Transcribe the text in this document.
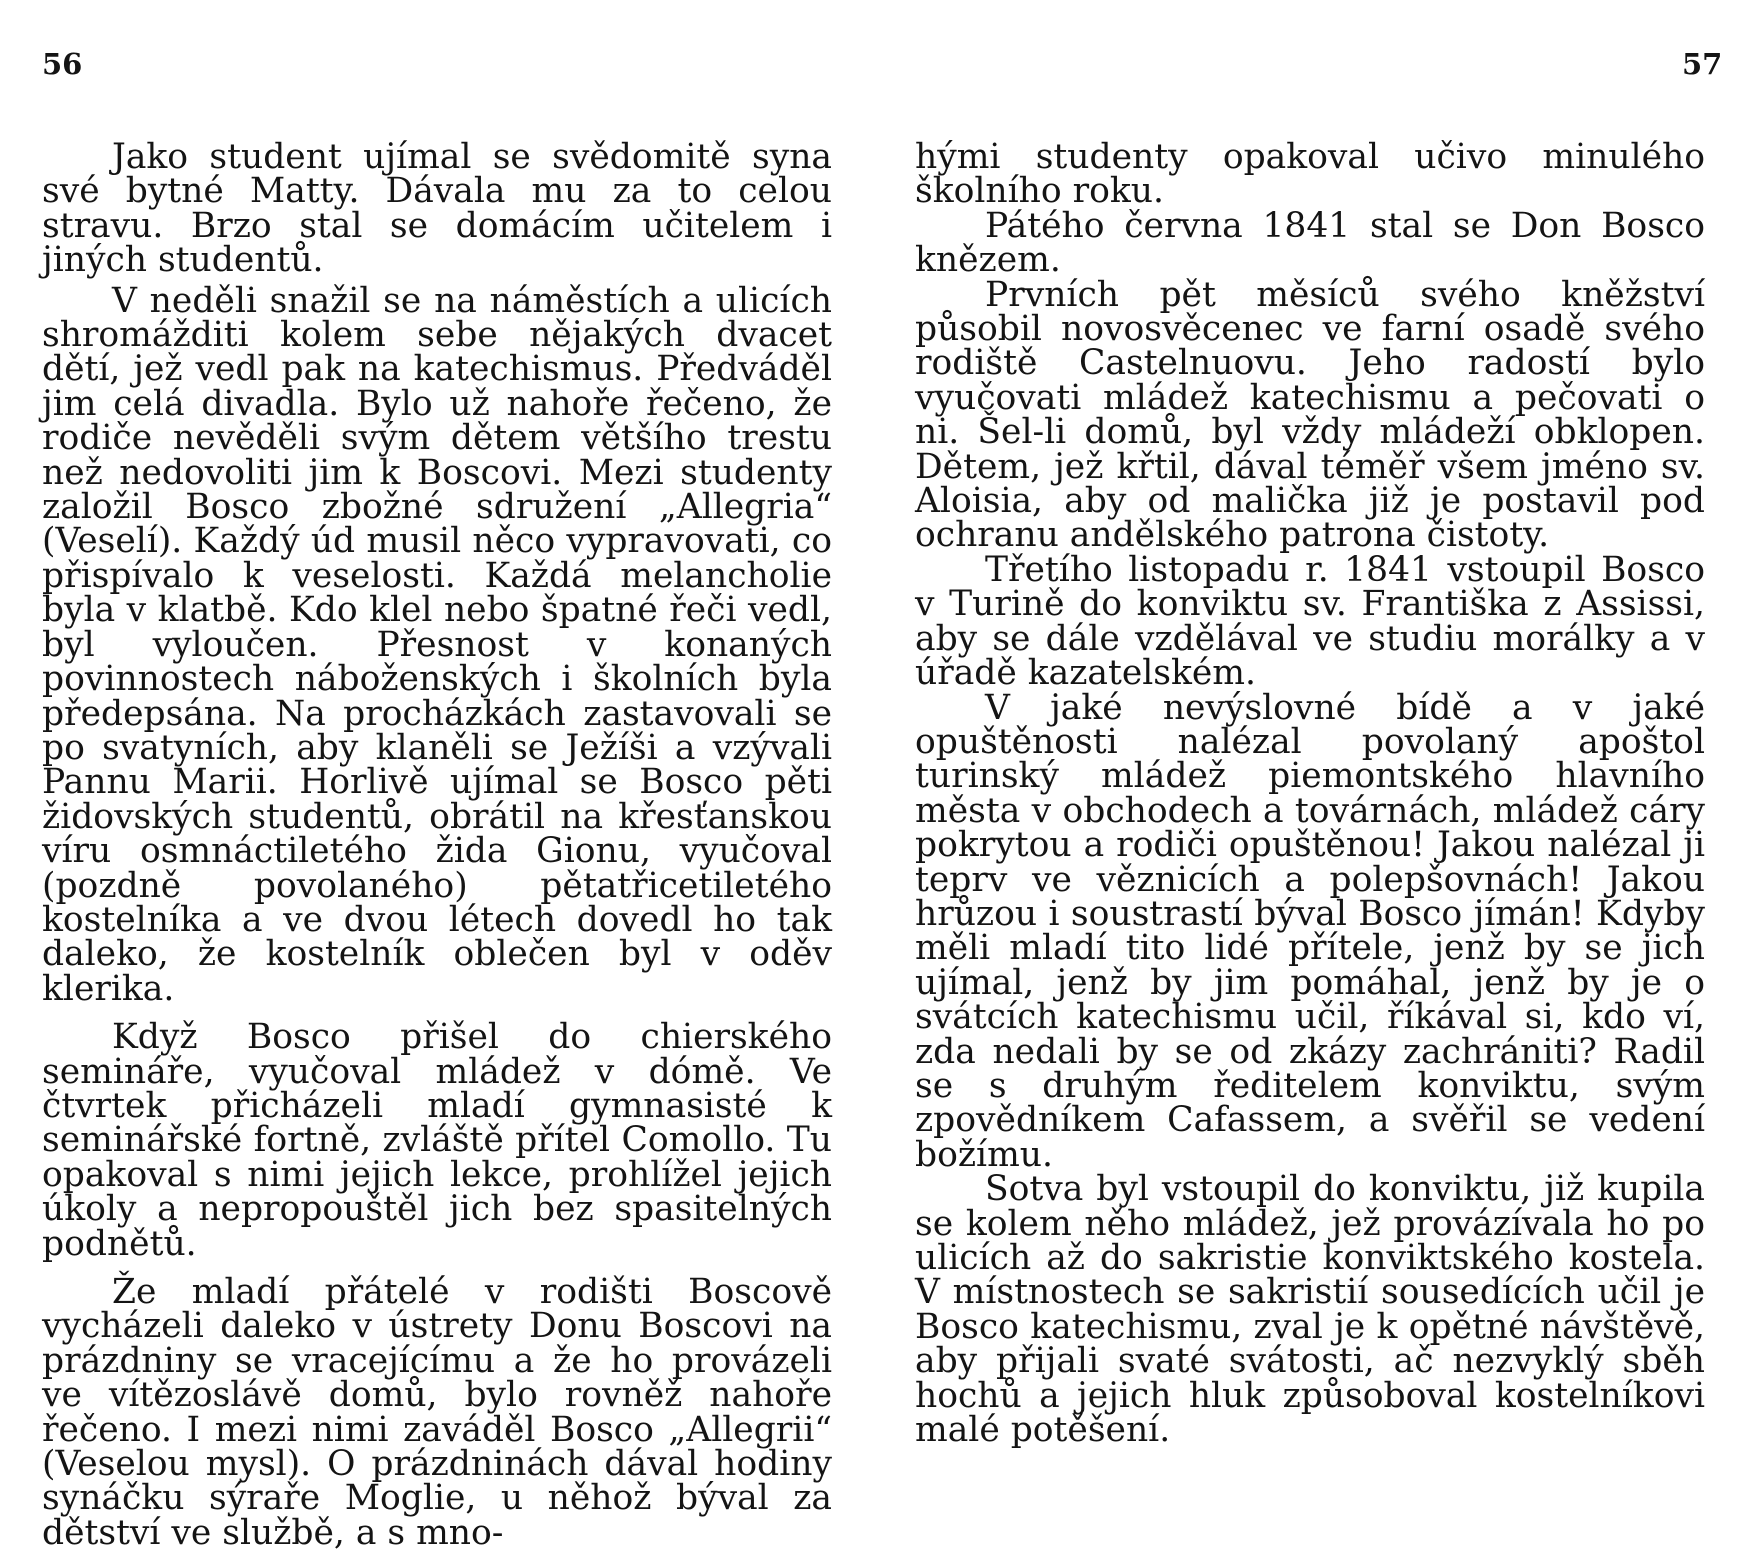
56	57

Jako student ujímal se svědomitě syna své bytné Matty. Dávala mu za to celou stravu. Brzo stal se domácím učitelem i jiných studentů.

V neděli snažil se na náměstích a ulicích shromážditi kolem sebe nějakých dvacet dětí, jež vedl pak na katechismus. Předváděl jim celá divadla. Bylo už nahoře řečeno, že rodiče nevěděli svým dětem většího trestu než nedovoliti jim k Boscovi. Mezi studenty založil Bosco zbožné sdružení „Allegria“ (Veselí). Každý úd musil něco vypravovati, co přispívalo k veselosti. Každá melancholie byla v klatbě. Kdo klel nebo špatné řeči vedl, byl vyloučen. Přesnost v konaných povinnostech náboženských i školních byla předepsána. Na procházkách zastavovali se po svatyních, aby klaněli se Ježíši a vzývali Pannu Marii. Horlivě ujímal se Bosco pěti židovských studentů, obrátil na křesťanskou víru osmnáctiletého žida Gionu, vyučoval (pozdně povolaného) pětatřicetiletého kostelníka a ve dvou létech dovedl ho tak daleko, že kostelník oblečen byl v oděv klerika.

Když Bosco přišel do chierského semináře, vyučoval mládež v dómě. Ve čtvrtek přicházeli mladí gymnasisté k seminářské fortně, zvláště přítel Comollo. Tu opakoval s nimi jejich lekce, prohlížel jejich úkoly a nepropouštěl jich bez spasitelných podnětů.

Že mladí přátelé v rodišti Boscově vycházeli daleko v ústrety Donu Boscovi na prázdniny se vracejícímu a že ho provázeli ve vítězoslávě domů, bylo rovněž nahoře řečeno. I mezi nimi zaváděl Bosco „Allegrii“ (Veselou mysl). O prázdninách dával hodiny synáčku sýraře Moglie, u něhož býval za dětství ve službě, a s mno-

hými studenty opakoval učivo minulého školního roku.

Pátého června 1841 stal se Don Bosco knězem.

Prvních pět měsíců svého kněžství působil novosvěcenec ve farní osadě svého rodiště Castelnuovu. Jeho radostí bylo vyučovati mládež katechismu a pečovati o ni. Šel-li domů, byl vždy mládeží obklopen. Dětem, jež křtil, dával téměř všem jméno sv. Aloisia, aby od malička již je postavil pod ochranu andělského patrona čistoty.

Třetího listopadu r. 1841 vstoupil Bosco v Turině do konviktu sv. Františka z Assissi, aby se dále vzdělával ve studiu morálky a v úřadě kazatelském.

V jaké nevýslovné bídě a v jaké opuštěnosti nalézal povolaný apoštol turinský mládež piemontského hlavního města v obchodech a továrnách, mládež cáry pokrytou a rodiči opuštěnou! Jakou nalézal ji teprv ve věznicích a polepšovnách! Jakou hrůzou i soustrastí býval Bosco jímán! Kdyby měli mladí tito lidé přítele, jenž by se jich ujímal, jenž by jim pomáhal, jenž by je o svátcích katechismu učil, říkával si, kdo ví, zda nedali by se od zkázy zachrániti? Radil se s druhým ředitelem konviktu, svým zpovědníkem Cafassem, a svěřil se vedení božímu.

Sotva byl vstoupil do konviktu, již kupila se kolem něho mládež, jež provázívala ho po ulicích až do sakristie konviktského kostela. V místnostech se sakristií sousedících učil je Bosco katechismu, zval je k opětné návštěvě, aby přijali svaté svátosti, ač nezvyklý sběh hochů a jejich hluk způsoboval kostelníkovi malé potěšení.
